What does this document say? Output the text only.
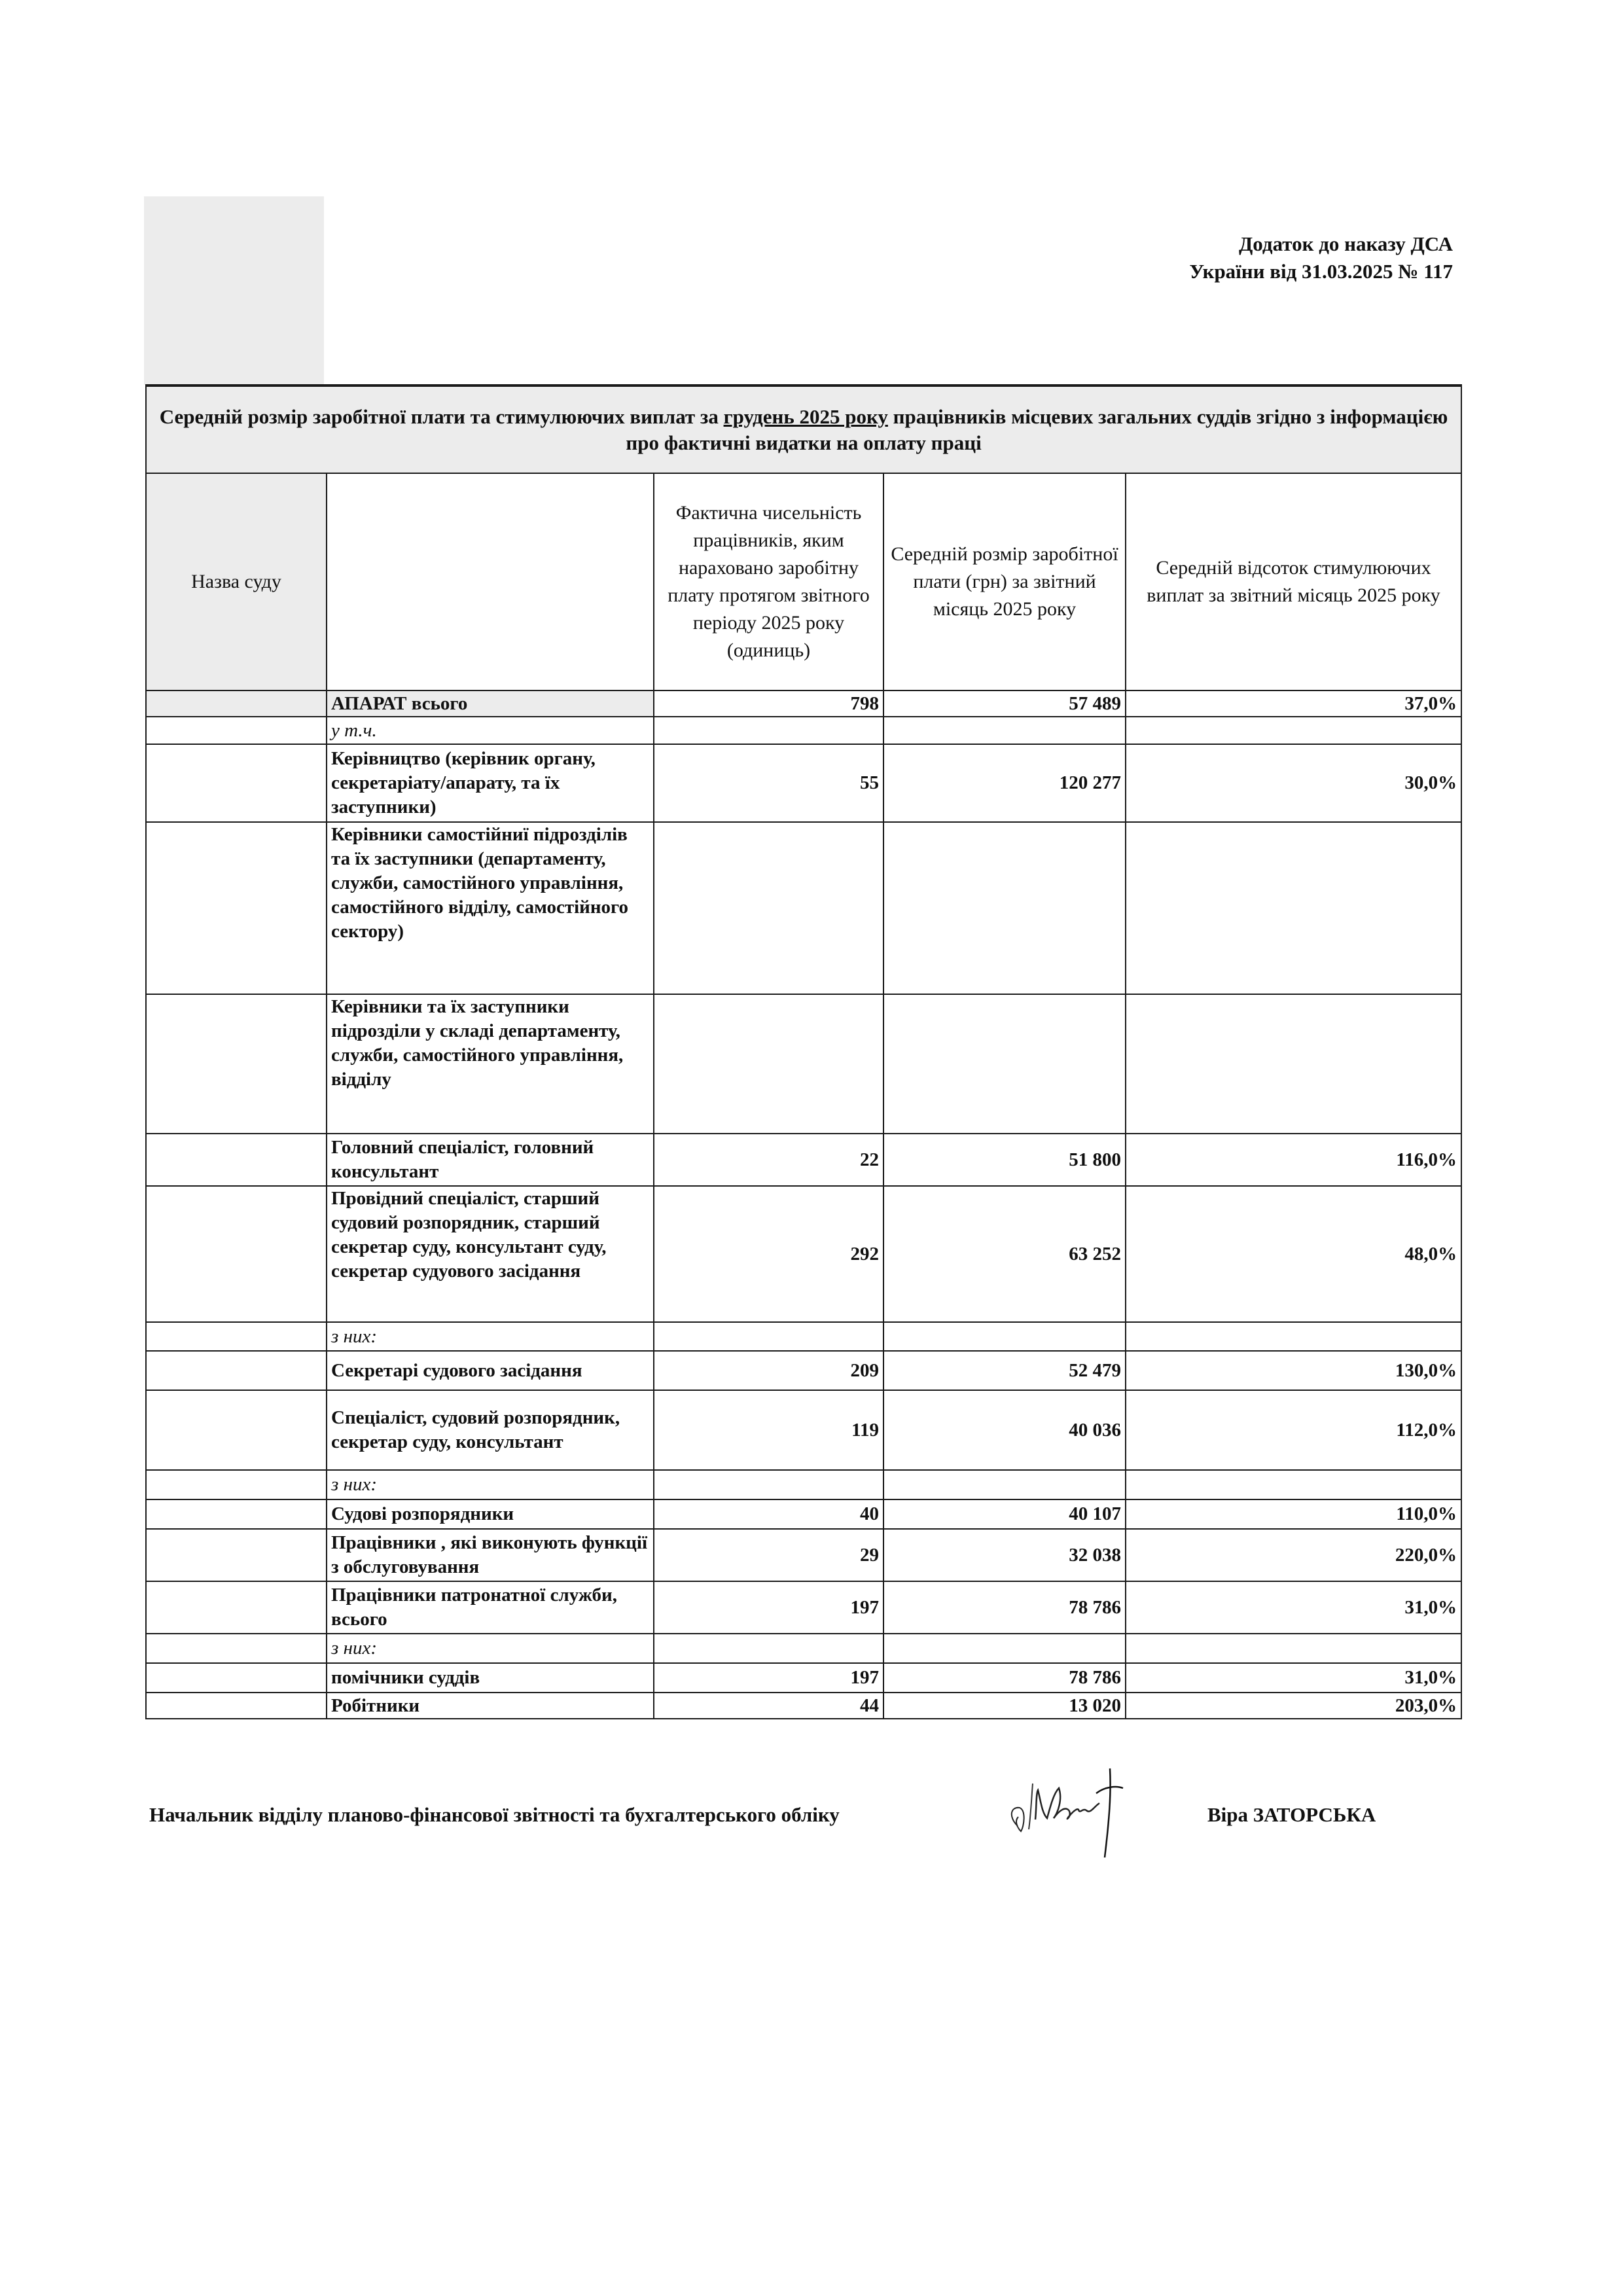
Додаток до наказу ДСА
України від 31.03.2025 № 117
Середній розмір заробітної плати та стимулюючих виплат за грудень 2025 року працівників місцевих загальних суддів згідно з інформацією про фактичні видатки на оплату праці				
Назва суду		Фактична чисельність працівників, яким нараховано заробітну плату протягом звітного періоду 2025 року (одиниць)	Середній розмір заробітної плати (грн) за звітний місяць 2025 року	Середній відсоток стимулюючих виплат за звітний місяць 2025 року
	АПАРАТ всього	798	57 489	37,0%
	у т.ч.			
	Керівництво (керівник органу, секретаріату/апарату, та їх заступники)	55	120 277	30,0%
	Керівники самостійниї підрозділів та їх заступники (департаменту, служби, самостійного управління, самостійного відділу, самостійного сектору)			
	Керівники та їх заступники підрозділи у складі департаменту, служби, самостійного управління, відділу			
	Головний спеціаліст, головний консультант	22	51 800	116,0%
	Провідний спеціаліст, старший судовий розпорядник, старший секретар суду, консультант суду, секретар судуового засідання	292	63 252	48,0%
	з них:			
	Секретарі судового засідання	209	52 479	130,0%
	Спеціаліст, судовий розпорядник, секретар суду, консультант	119	40 036	112,0%
	з них:			
	Судові розпорядники	40	40 107	110,0%
	Працівники , які виконують функції з обслуговування	29	32 038	220,0%
	Працівники патронатної служби, всього	197	78 786	31,0%
	з них:			
	помічники суддів	197	78 786	31,0%
	Робітники	44	13 020	203,0%
Начальник відділу планово-фінансової звітності та бухгалтерського обліку	Віра ЗАТОРСЬКА
